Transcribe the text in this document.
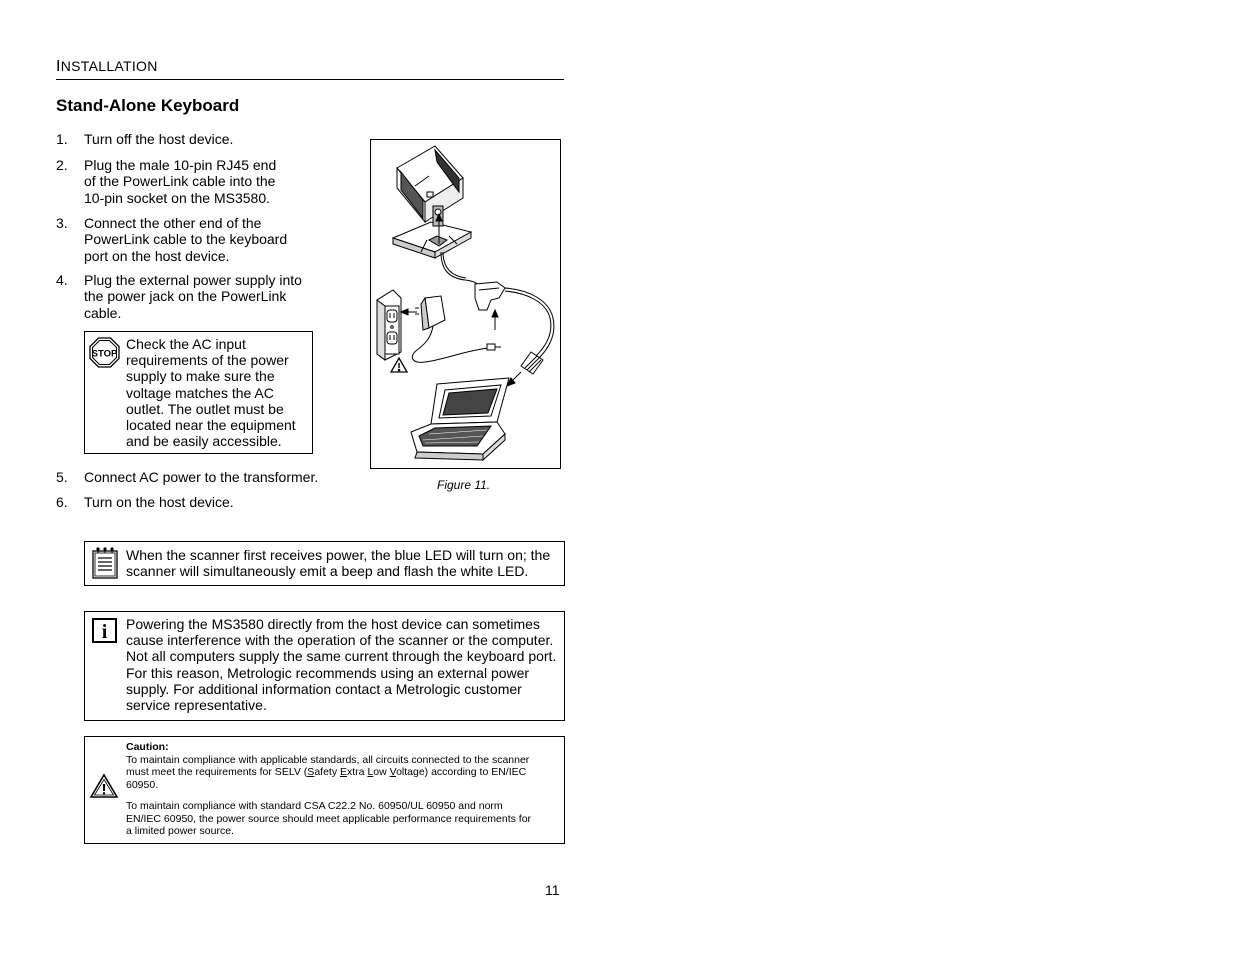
INSTALLATION
Stand-Alone Keyboard
1. Turn off the host device.
2. Plug the male 10-pin RJ45 end
of the PowerLink cable into the
10-pin socket on the MS3580.
3. Connect the other end of the
PowerLink cable to the keyboard
port on the host device.
4. Plug the external power supply into
the power jack on the PowerLink
cable.
STOP
Check the AC input
requirements of the power
supply to make sure the
voltage matches the AC
outlet. The outlet must be
located near the equipment
and be easily accessible.
5. Connect AC power to the transformer.
6. Turn on the host device.
Figure 11.
When the scanner first receives power, the blue LED will turn on; the
scanner will simultaneously emit a beep and flash the white LED.
i Powering the MS3580 directly from the host device can sometimes
cause interference with the operation of the scanner or the computer.
Not all computers supply the same current through the keyboard port.
For this reason, Metrologic recommends using an external power
supply. For additional information contact a Metrologic customer
service representative.
Caution:
To maintain compliance with applicable standards, all circuits connected to the scanner
must meet the requirements for SELV (Safety Extra Low Voltage) according to EN/IEC
60950.
To maintain compliance with standard CSA C22.2 No. 60950/UL 60950 and norm
EN/IEC 60950, the power source should meet applicable performance requirements for
a limited power source.
11
